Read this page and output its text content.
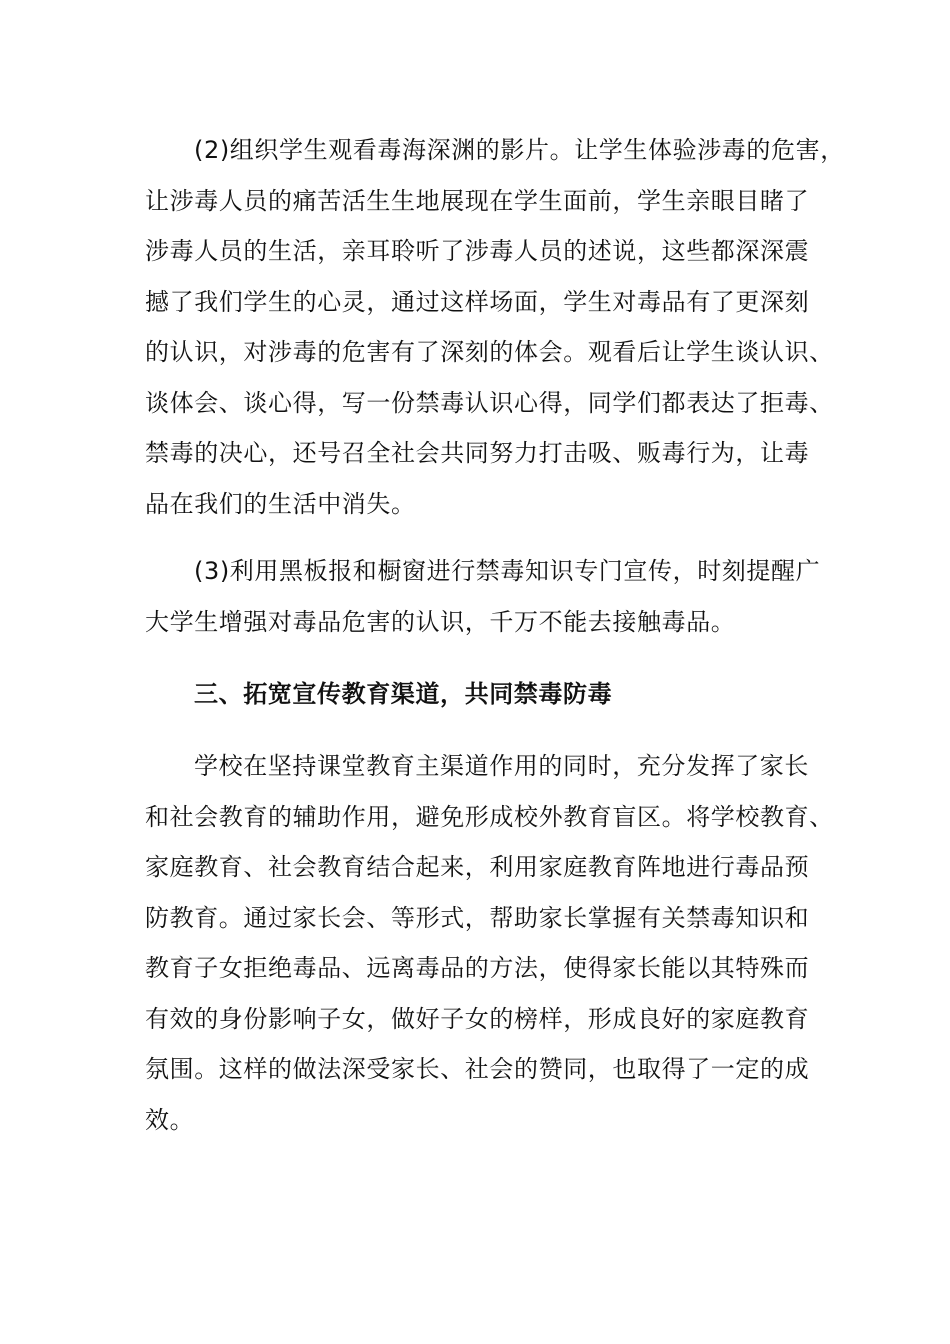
(2)组织学生观看毒海深渊的影片。让学生体验涉毒的危害，
让涉毒人员的痛苦活生生地展现在学生面前，学生亲眼目睹了
涉毒人员的生活，亲耳聆听了涉毒人员的述说，这些都深深震
撼了我们学生的心灵，通过这样场面，学生对毒品有了更深刻
的认识，对涉毒的危害有了深刻的体会。观看后让学生谈认识、
谈体会、谈心得，写一份禁毒认识心得，同学们都表达了拒毒、
禁毒的决心，还号召全社会共同努力打击吸、贩毒行为，让毒
品在我们的生活中消失。
(3)利用黑板报和橱窗进行禁毒知识专门宣传，时刻提醒广
大学生增强对毒品危害的认识，千万不能去接触毒品。
三、拓宽宣传教育渠道，共同禁毒防毒
学校在坚持课堂教育主渠道作用的同时，充分发挥了家长
和社会教育的辅助作用，避免形成校外教育盲区。将学校教育、
家庭教育、社会教育结合起来，利用家庭教育阵地进行毒品预
防教育。通过家长会、等形式，帮助家长掌握有关禁毒知识和
教育子女拒绝毒品、远离毒品的方法，使得家长能以其特殊而
有效的身份影响子女，做好子女的榜样，形成良好的家庭教育
氛围。这样的做法深受家长、社会的赞同，也取得了一定的成
效。
